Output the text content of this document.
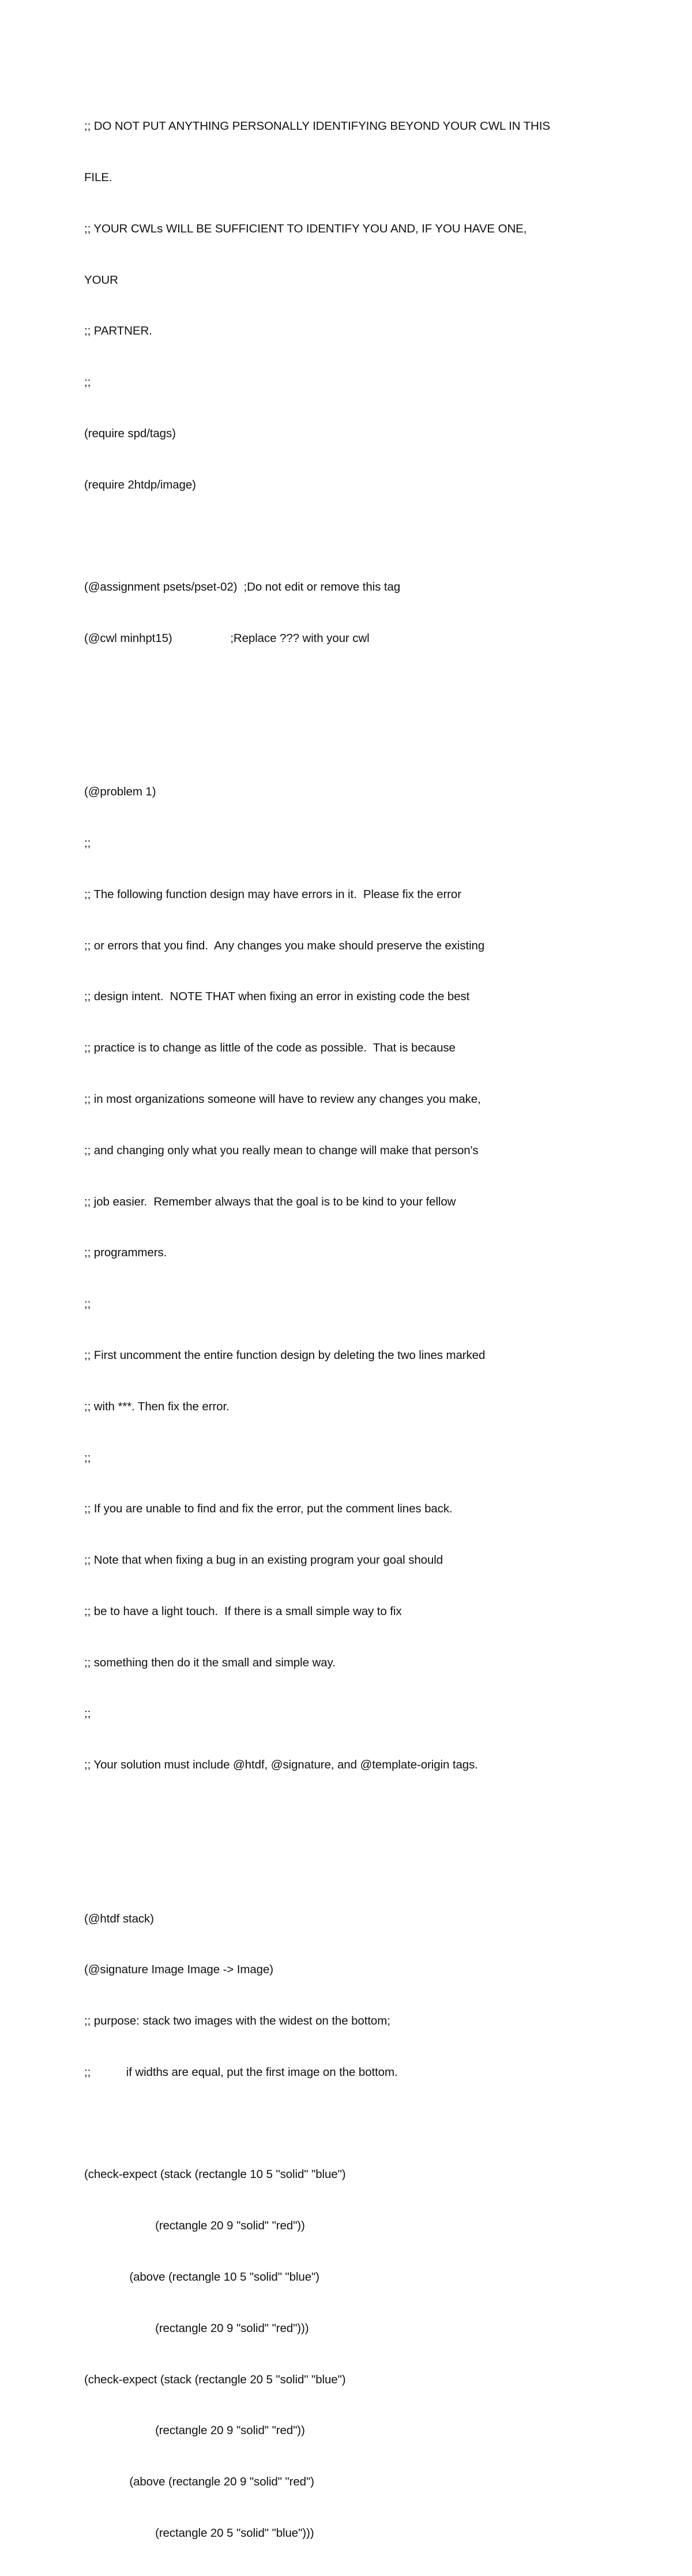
;; DO NOT PUT ANYTHING PERSONALLY IDENTIFYING BEYOND YOUR CWL IN THIS

FILE.

;; YOUR CWLs WILL BE SUFFICIENT TO IDENTIFY YOU AND, IF YOU HAVE ONE,

YOUR

;; PARTNER.

;;

(require spd/tags)

(require 2htdp/image)

(@assignment psets/pset-02)  ;Do not edit or remove this tag

(@cwl minhpt15)                  ;Replace ??? with your cwl

(@problem 1)

;;

;; The following function design may have errors in it.  Please fix the error

;; or errors that you find.  Any changes you make should preserve the existing

;; design intent.  NOTE THAT when fixing an error in existing code the best

;; practice is to change as little of the code as possible.  That is because

;; in most organizations someone will have to review any changes you make,

;; and changing only what you really mean to change will make that person's

;; job easier.  Remember always that the goal is to be kind to your fellow

;; programmers.

;;

;; First uncomment the entire function design by deleting the two lines marked

;; with ***. Then fix the error.

;;

;; If you are unable to find and fix the error, put the comment lines back.

;; Note that when fixing a bug in an existing program your goal should

;; be to have a light touch.  If there is a small simple way to fix

;; something then do it the small and simple way.

;;

;; Your solution must include @htdf, @signature, and @template-origin tags.

(@htdf stack)

(@signature Image Image -> Image)

;; purpose: stack two images with the widest on the bottom;

;;           if widths are equal, put the first image on the bottom.

(check-expect (stack (rectangle 10 5 "solid" "blue")

(rectangle 20 9 "solid" "red"))

(above (rectangle 10 5 "solid" "blue")

(rectangle 20 9 "solid" "red")))

(check-expect (stack (rectangle 20 5 "solid" "blue")

(rectangle 20 9 "solid" "red"))

(above (rectangle 20 9 "solid" "red")

(rectangle 20 5 "solid" "blue")))
